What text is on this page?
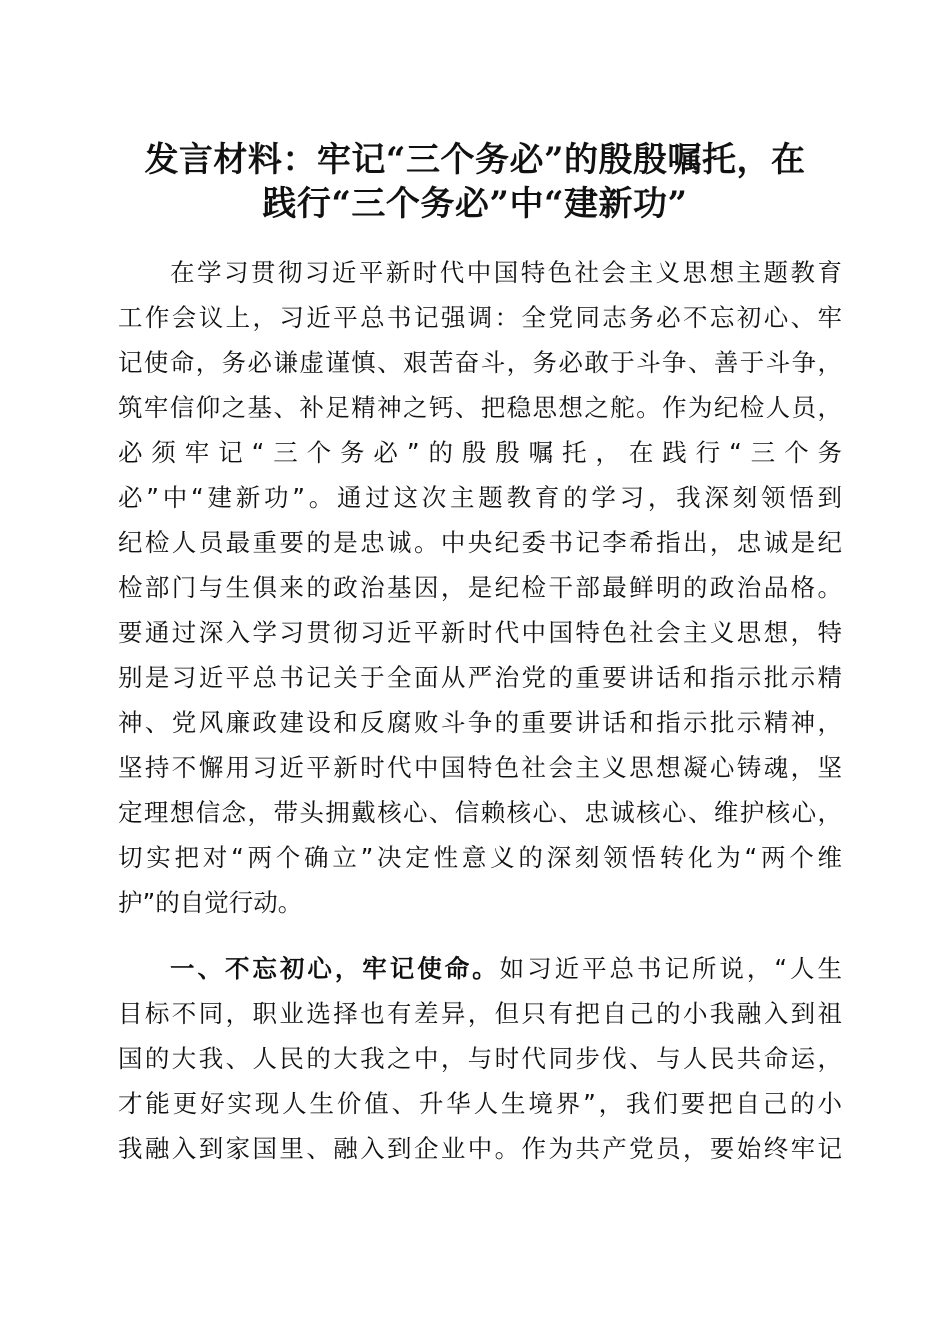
发言材料：牢记“三个务必”的殷殷嘱托，在
践行“三个务必”中“建新功”
在学习贯彻习近平新时代中国特色社会主义思想主题教育
工作会议上，习近平总书记强调：全党同志务必不忘初心、牢
记使命，务必谦虚谨慎、艰苦奋斗，务必敢于斗争、善于斗争，
筑牢信仰之基、补足精神之钙、把稳思想之舵。作为纪检人员，
必须牢记“三个务必”的殷殷嘱托，在践行“三个务
必”中“建新功”。通过这次主题教育的学习，我深刻领悟到
纪检人员最重要的是忠诚。中央纪委书记李希指出，忠诚是纪
检部门与生俱来的政治基因，是纪检干部最鲜明的政治品格。
要通过深入学习贯彻习近平新时代中国特色社会主义思想，特
别是习近平总书记关于全面从严治党的重要讲话和指示批示精
神、党风廉政建设和反腐败斗争的重要讲话和指示批示精神，
坚持不懈用习近平新时代中国特色社会主义思想凝心铸魂，坚
定理想信念，带头拥戴核心、信赖核心、忠诚核心、维护核心，
切实把对“两个确立”决定性意义的深刻领悟转化为“两个维
护”的自觉行动。
一、不忘初心，牢记使命。如习近平总书记所说，“人生
目标不同，职业选择也有差异，但只有把自己的小我融入到祖
国的大我、人民的大我之中，与时代同步伐、与人民共命运，
才能更好实现人生价值、升华人生境界”，我们要把自己的小
我融入到家国里、融入到企业中。作为共产党员，要始终牢记
